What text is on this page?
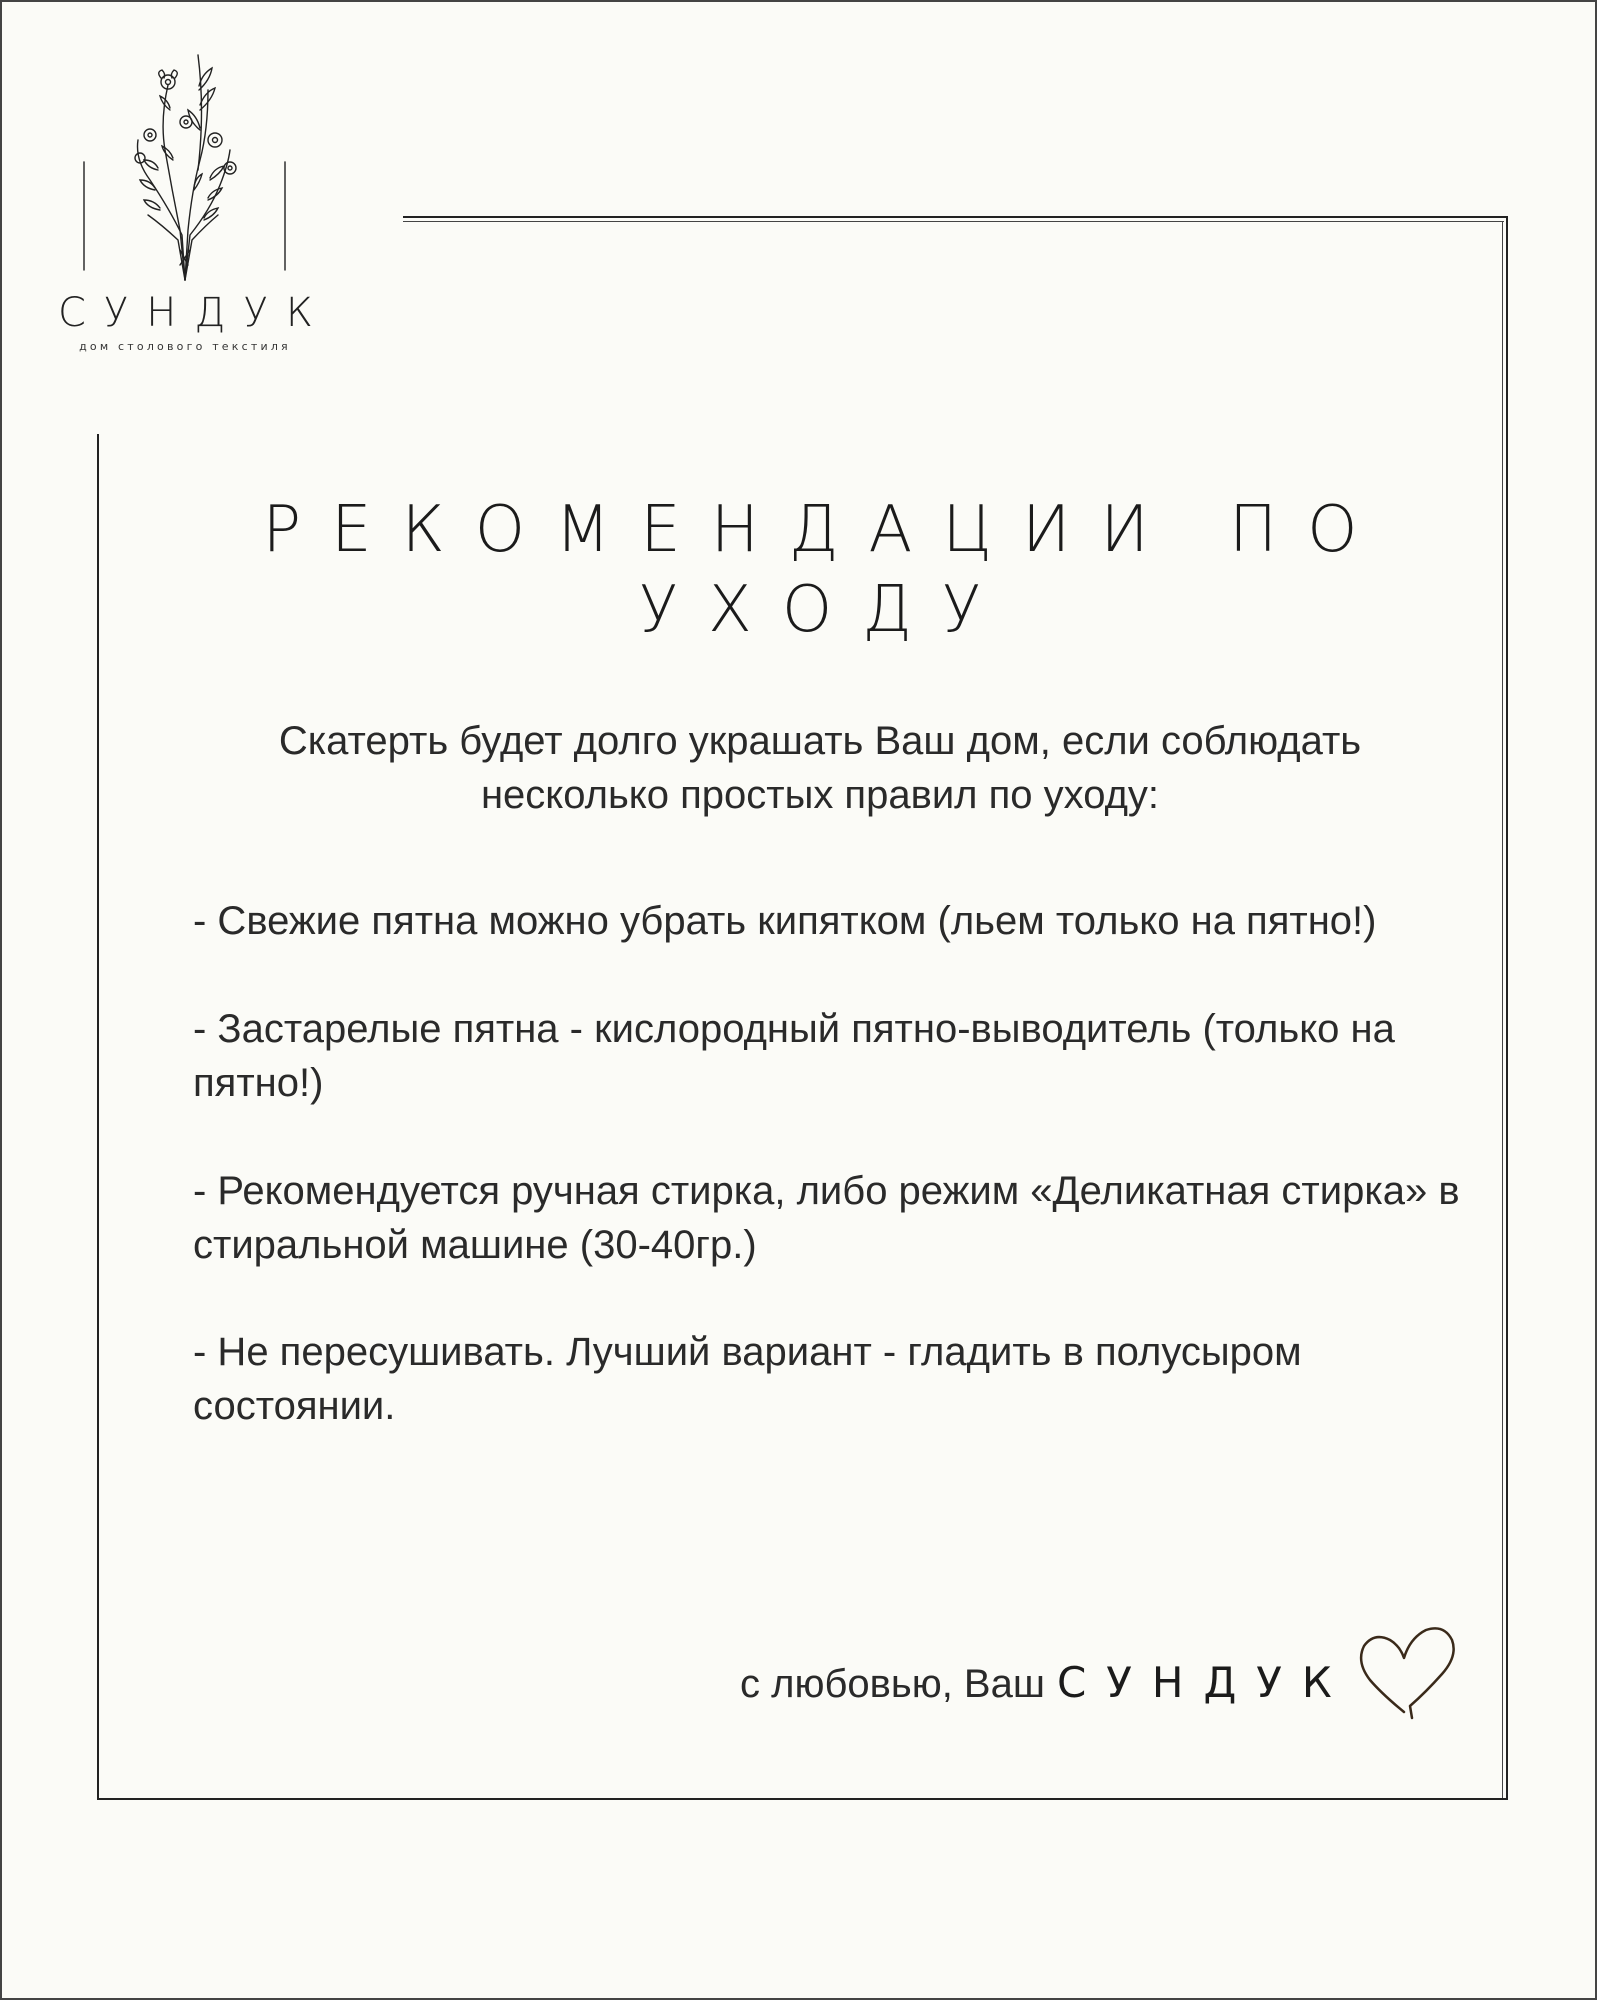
СУНДУК
дом столового текстиля
РЕКОМЕНДАЦИИ ПО УХОДУ

Скатерть будет долго украшать Ваш дом, если соблюдать несколько простых правил по уходу:

- Свежие пятна можно убрать кипятком (льем только на пятно!)

- Застарелые пятна - кислородный пятно-выводитель (только на пятно!)

- Рекомендуется ручная стирка, либо режим «Деликатная стирка» в стиральной машине (30-40гр.)

- Не пересушивать. Лучший вариант - гладить в полусыром состоянии.

с любовью, Ваш СУНДУК
